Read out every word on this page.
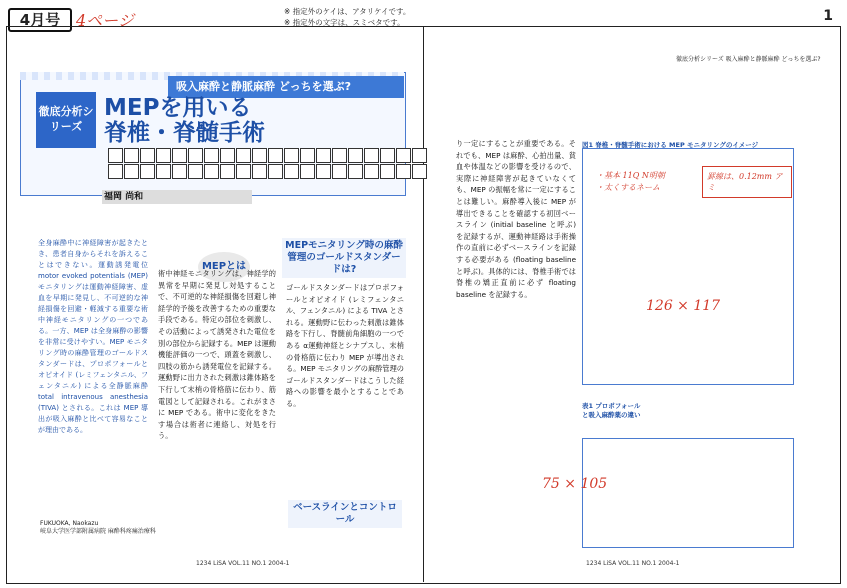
4月号 4ページ	※ 指定外のケイは、アタリケイです。
※ 指定外の文字は、スミベタです。	1
吸入麻酔と静脈麻酔 どっちを選ぶ?
徹底分析シリーズ
MEPを用いる
脊椎・脊髄手術
福岡 尚和
全身麻酔中に神経障害が起きたとき、患者自身からそれを訴えることはできない。運動誘発電位 motor evoked potentials (MEP) モニタリングは運動神経障害、虚血を早期に発見し、不可逆的な神経損傷を回避・軽減する重要な術中神経モニタリングの一つである。一方、MEP は全身麻酔の影響を非常に受けやすい。MEP モニタリング時の麻酔管理のゴールドスタンダードは、プロポフォールとオピオイド (レミフェンタニル、フェンタニル) による全静脈麻酔 total intravenous anesthesia (TIVA) とされる。これは MEP 導出が吸入麻酔と比べて容易なことが理由である。
MEPとは
MEPモニタリング時の麻酔管理のゴールドスタンダードは?
術中神経モニタリングは、神経学的異常を早期に発見し対処することで、不可逆的な神経損傷を回避し神経学的予後を改善するための重要な手段である。特定の部位を刺激し、その活動によって誘発された電位を別の部位から記録する。MEP は運動機能評価の一つで、頭蓋を刺激し、四肢の筋から誘発電位を記録する。運動野に出力された刺激は錐体路を下行して末梢の骨格筋に伝わり、筋電図として記録される。これがまさに MEP である。術中に変化をきたす場合は術者に連絡し、対処を行う。
ゴールドスタンダードはプロポフォールとオピオイド (レミフェンタニル、フェンタニル) による TIVA とされる。運動野に伝わった刺激は錐体路を下行し、脊髄前角細胞の一つである α運動神経とシナプスし、末梢の骨格筋に伝わり MEP が導出される。MEP モニタリングの麻酔管理のゴールドスタンダードはこうした経路への影響を最小とすることである。
ベースラインとコントロール
FUKUOKA, Naokazu
岐阜大学医学部附属病院 麻酔科疼痛治療科
1234 LiSA VOL.11 NO.1 2004-1
徹底分析シリーズ 吸入麻酔と静脈麻酔 どっちを選ぶ?
り一定にすることが重要である。それでも、MEP は麻酔、心拍出量、貧血や体温などの影響を受けるので、実際に神経障害が起きていなくても、MEP の振幅を常に一定にすることは難しい。麻酔導入後に MEP が導出できることを確認する初回ベースライン (initial baseline と呼ぶ) を記録するが、運動神経路は手術操作の直前に必ずベースラインを記録する必要がある (floating baseline と呼ぶ)。具体的には、脊椎手術では脊椎の矯正直前に必ず floating baseline を記録する。
図1 脊椎・脊髄手術における MEP モニタリングのイメージ
・基本 11Q N明朝
・太くするネーム
罫線は、0.12mm アミ
126 × 117
表1 プロポフォールと吸入麻酔薬の違い
75 × 105
1234 LiSA VOL.11 NO.1 2004-1
